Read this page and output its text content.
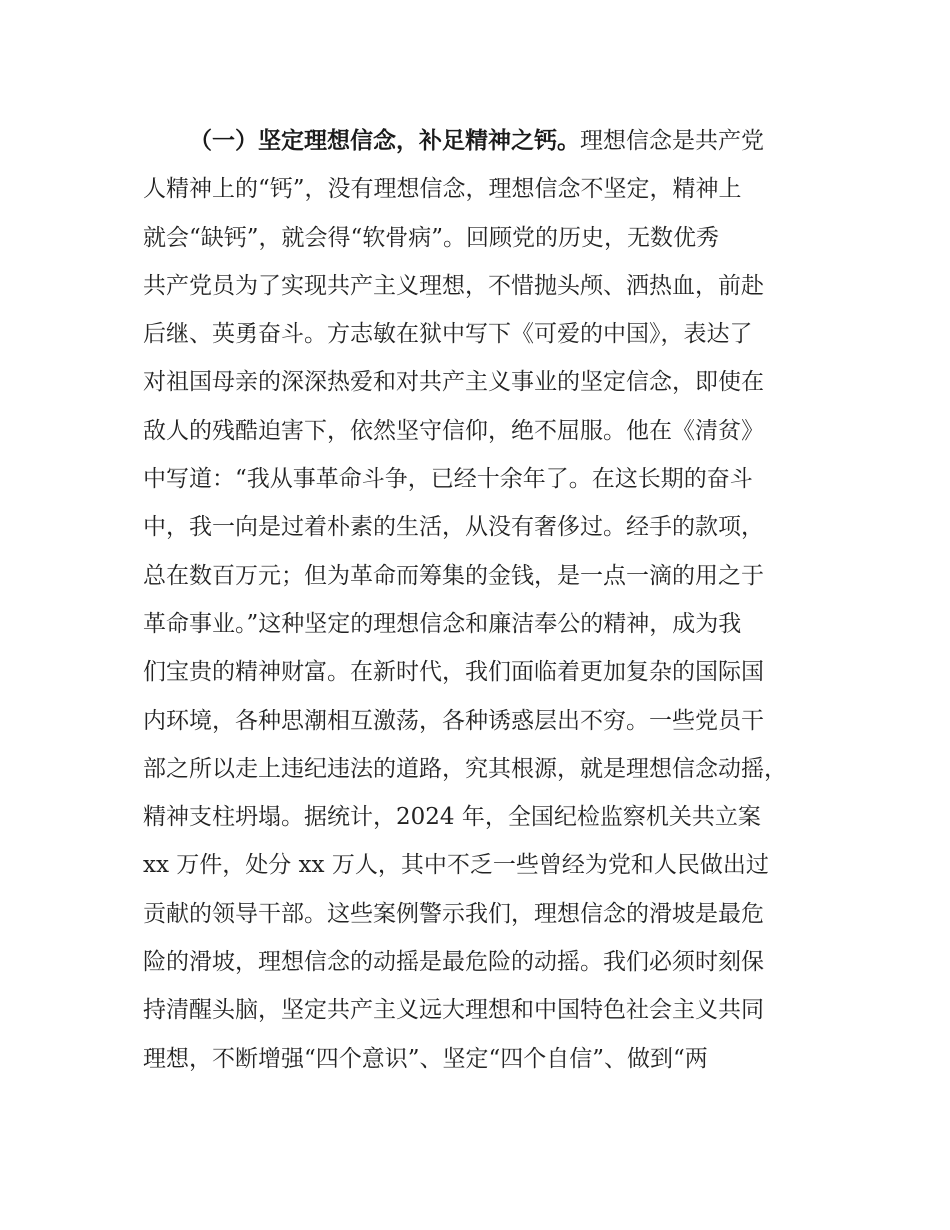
（一）坚定理想信念，补足精神之钙。理想信念是共产党
人精神上的“钙”，没有理想信念，理想信念不坚定，精神上
就会“缺钙”，就会得“软骨病”。回顾党的历史，无数优秀
共产党员为了实现共产主义理想，不惜抛头颅、洒热血，前赴
后继、英勇奋斗。方志敏在狱中写下《可爱的中国》，表达了
对祖国母亲的深深热爱和对共产主义事业的坚定信念，即使在
敌人的残酷迫害下，依然坚守信仰，绝不屈服。他在《清贫》
中写道：“我从事革命斗争，已经十余年了。在这长期的奋斗
中，我一向是过着朴素的生活，从没有奢侈过。经手的款项，
总在数百万元；但为革命而筹集的金钱，是一点一滴的用之于
革命事业。”这种坚定的理想信念和廉洁奉公的精神，成为我
们宝贵的精神财富。在新时代，我们面临着更加复杂的国际国
内环境，各种思潮相互激荡，各种诱惑层出不穷。一些党员干
部之所以走上违纪违法的道路，究其根源，就是理想信念动摇，
精神支柱坍塌。据统计，2024 年，全国纪检监察机关共立案
xx 万件，处分 xx 万人，其中不乏一些曾经为党和人民做出过
贡献的领导干部。这些案例警示我们，理想信念的滑坡是最危
险的滑坡，理想信念的动摇是最危险的动摇。我们必须时刻保
持清醒头脑，坚定共产主义远大理想和中国特色社会主义共同
理想，不断增强“四个意识”、坚定“四个自信”、做到“两
